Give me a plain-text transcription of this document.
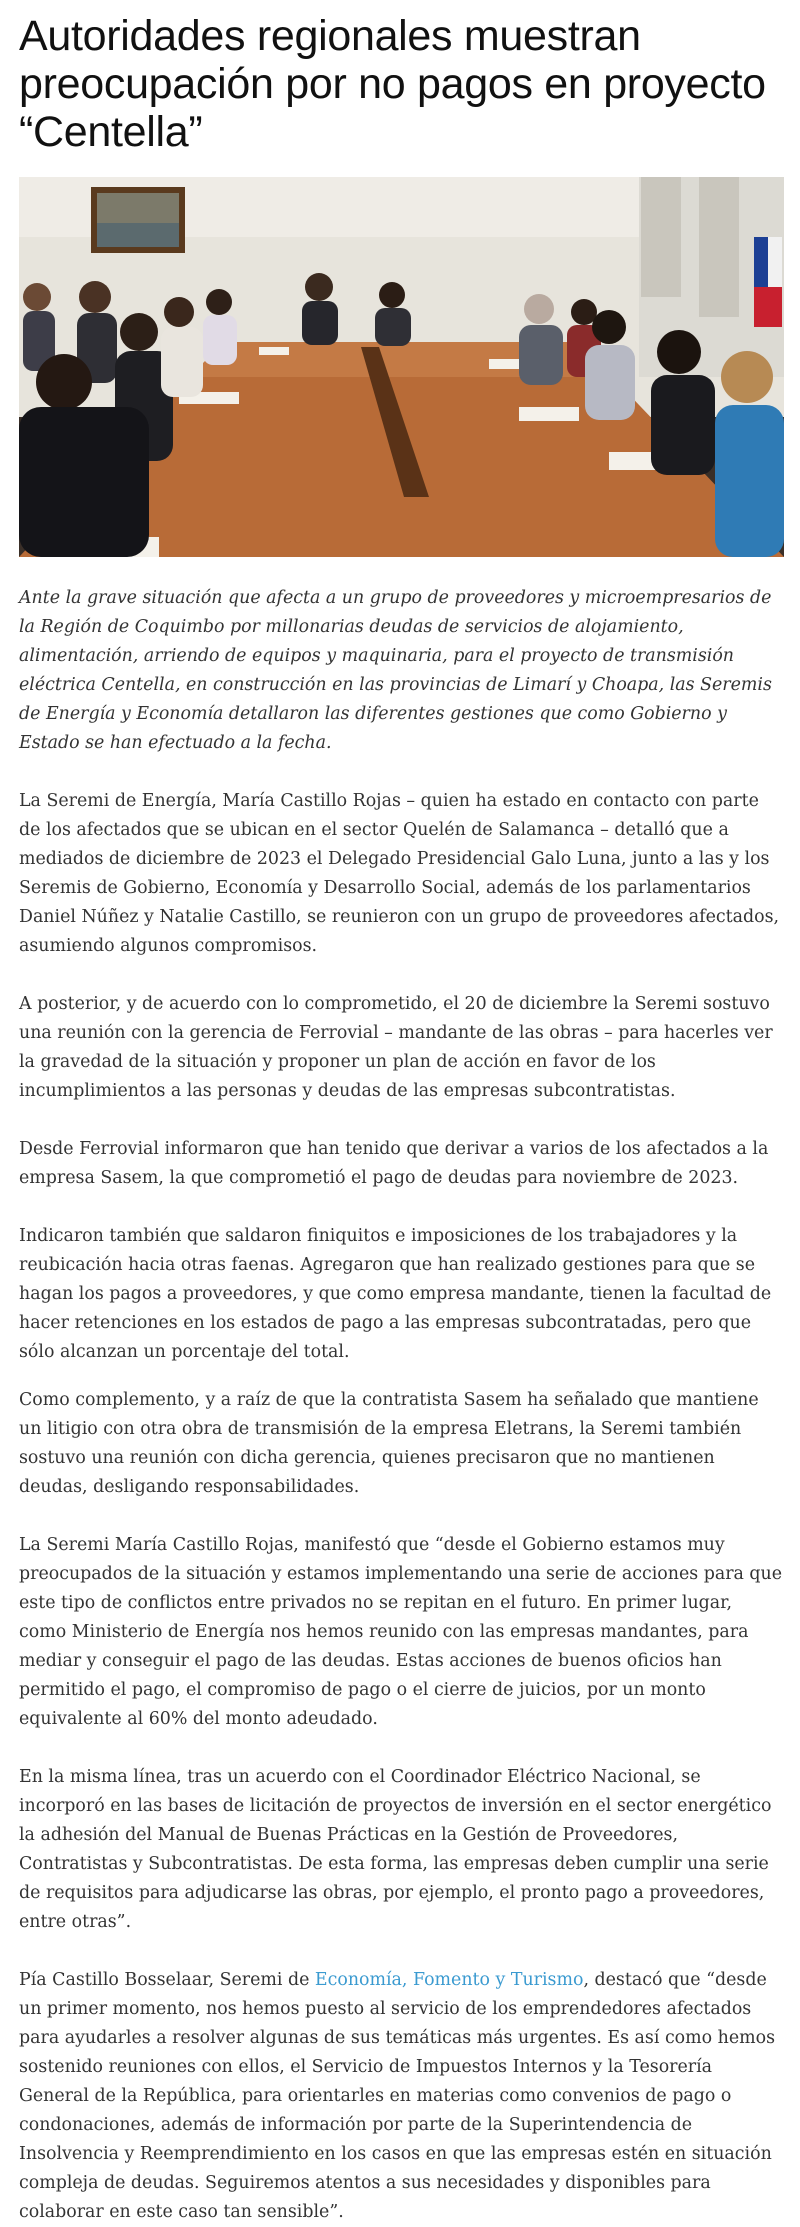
Autoridades regionales muestran preocupación por no pagos en proyecto “Centella”

Ante la grave situación que afecta a un grupo de proveedores y microempresarios de la Región de Coquimbo por millonarias deudas de servicios de alojamiento, alimentación, arriendo de equipos y maquinaria, para el proyecto de transmisión eléctrica Centella, en construcción en las provincias de Limarí y Choapa, las Seremis de Energía y Economía detallaron las diferentes gestiones que como Gobierno y Estado se han efectuado a la fecha.

La Seremi de Energía, María Castillo Rojas – quien ha estado en contacto con parte de los afectados que se ubican en el sector Quelén de Salamanca – detalló que a mediados de diciembre de 2023 el Delegado Presidencial Galo Luna, junto a las y los Seremis de Gobierno, Economía y Desarrollo Social, además de los parlamentarios Daniel Núñez y Natalie Castillo, se reunieron con un grupo de proveedores afectados, asumiendo algunos compromisos.

A posterior, y de acuerdo con lo comprometido, el 20 de diciembre la Seremi sostuvo una reunión con la gerencia de Ferrovial – mandante de las obras – para hacerles ver la gravedad de la situación y proponer un plan de acción en favor de los incumplimientos a las personas y deudas de las empresas subcontratistas.

Desde Ferrovial informaron que han tenido que derivar a varios de los afectados a la empresa Sasem, la que comprometió el pago de deudas para noviembre de 2023.

Indicaron también que saldaron finiquitos e imposiciones de los trabajadores y la reubicación hacia otras faenas. Agregaron que han realizado gestiones para que se hagan los pagos a proveedores, y que como empresa mandante, tienen la facultad de hacer retenciones en los estados de pago a las empresas subcontratadas, pero que sólo alcanzan un porcentaje del total.

Como complemento, y a raíz de que la contratista Sasem ha señalado que mantiene un litigio con otra obra de transmisión de la empresa Eletrans, la Seremi también sostuvo una reunión con dicha gerencia, quienes precisaron que no mantienen deudas, desligando responsabilidades.

La Seremi María Castillo Rojas, manifestó que “desde el Gobierno estamos muy preocupados de la situación y estamos implementando una serie de acciones para que este tipo de conflictos entre privados no se repitan en el futuro. En primer lugar, como Ministerio de Energía nos hemos reunido con las empresas mandantes, para mediar y conseguir el pago de las deudas. Estas acciones de buenos oficios han permitido el pago, el compromiso de pago o el cierre de juicios, por un monto equivalente al 60% del monto adeudado.

En la misma línea, tras un acuerdo con el Coordinador Eléctrico Nacional, se incorporó en las bases de licitación de proyectos de inversión en el sector energético la adhesión del Manual de Buenas Prácticas en la Gestión de Proveedores, Contratistas y Subcontratistas. De esta forma, las empresas deben cumplir una serie de requisitos para adjudicarse las obras, por ejemplo, el pronto pago a proveedores, entre otras”.

Pía Castillo Bosselaar, Seremi de Economía, Fomento y Turismo, destacó que “desde un primer momento, nos hemos puesto al servicio de los emprendedores afectados para ayudarles a resolver algunas de sus temáticas más urgentes. Es así como hemos sostenido reuniones con ellos, el Servicio de Impuestos Internos y la Tesorería General de la República, para orientarles en materias como convenios de pago o condonaciones, además de información por parte de la Superintendencia de Insolvencia y Reemprendimiento en los casos en que las empresas estén en situación compleja de deudas. Seguiremos atentos a sus necesidades y disponibles para colaborar en este caso tan sensible”.
